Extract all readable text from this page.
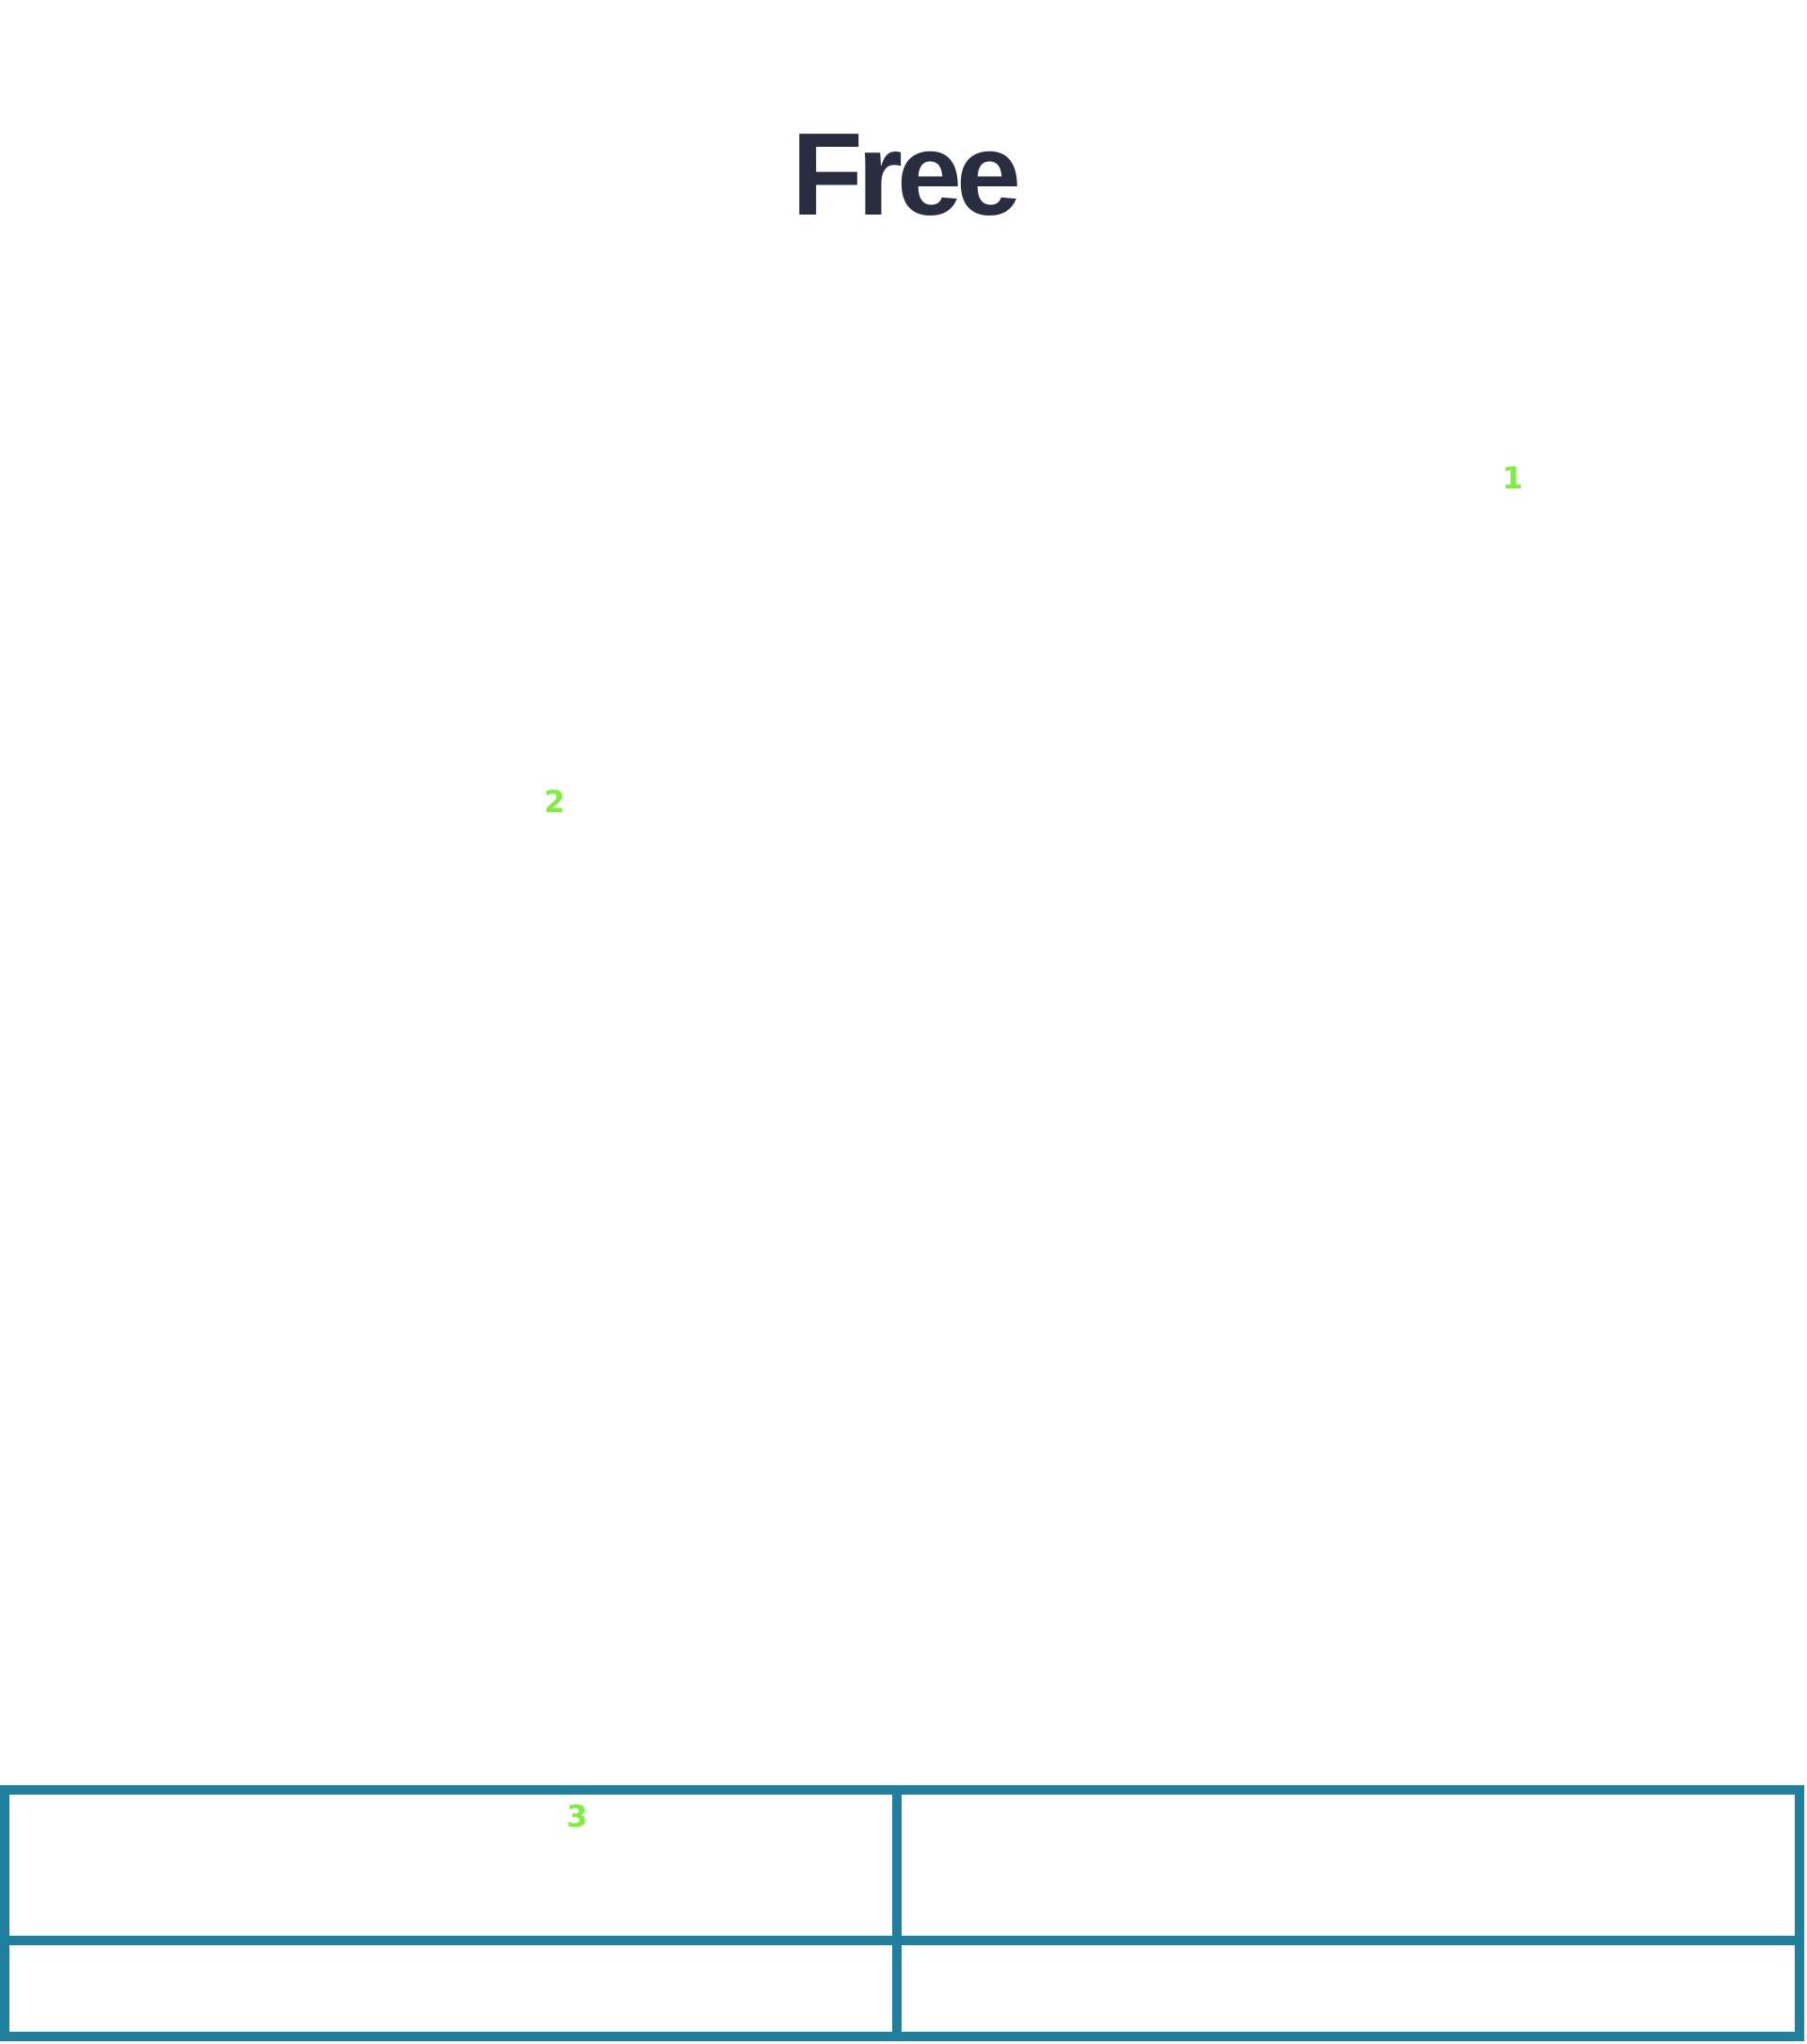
Free
1
2
3
